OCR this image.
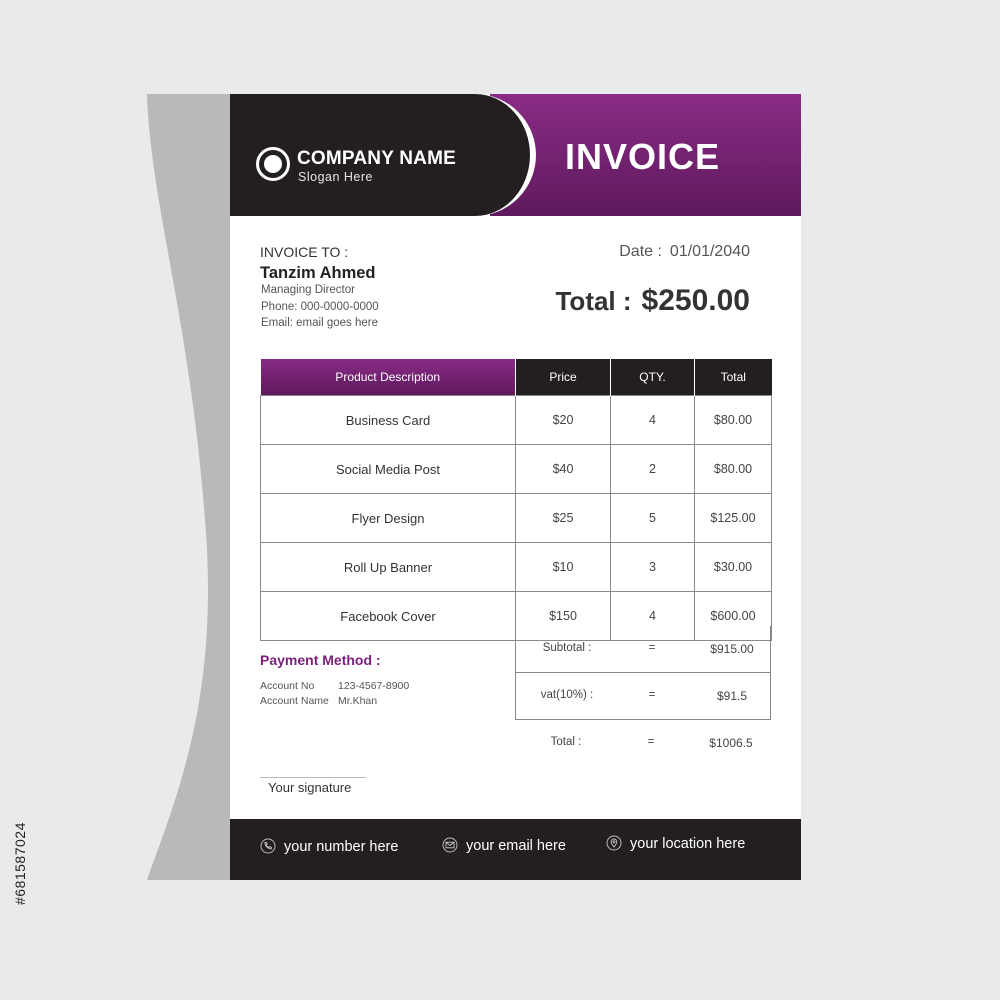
COMPANY NAME
Slogan Here	INVOICE
INVOICE TO :
Tanzim Ahmed
Managing Director
Phone: 000-0000-0000
Email: email goes here
Date : 01/01/2040
Total : $250.00
Product Description	Price	QTY.	Total
Business Card	$20	4	$80.00
Social Media Post	$40	2	$80.00
Flyer Design	$25	5	$125.00
Roll Up Banner	$10	3	$30.00
Facebook Cover	$150	4	$600.00
Subtotal :	=	$915.00
vat(10%) :	=	$91.5
Total :	=	$1006.5
Payment Method :
Account No 123-4567-8900
Account Name Mr.Khan
Your signature
your number here	your email here	your location here
#681587024
